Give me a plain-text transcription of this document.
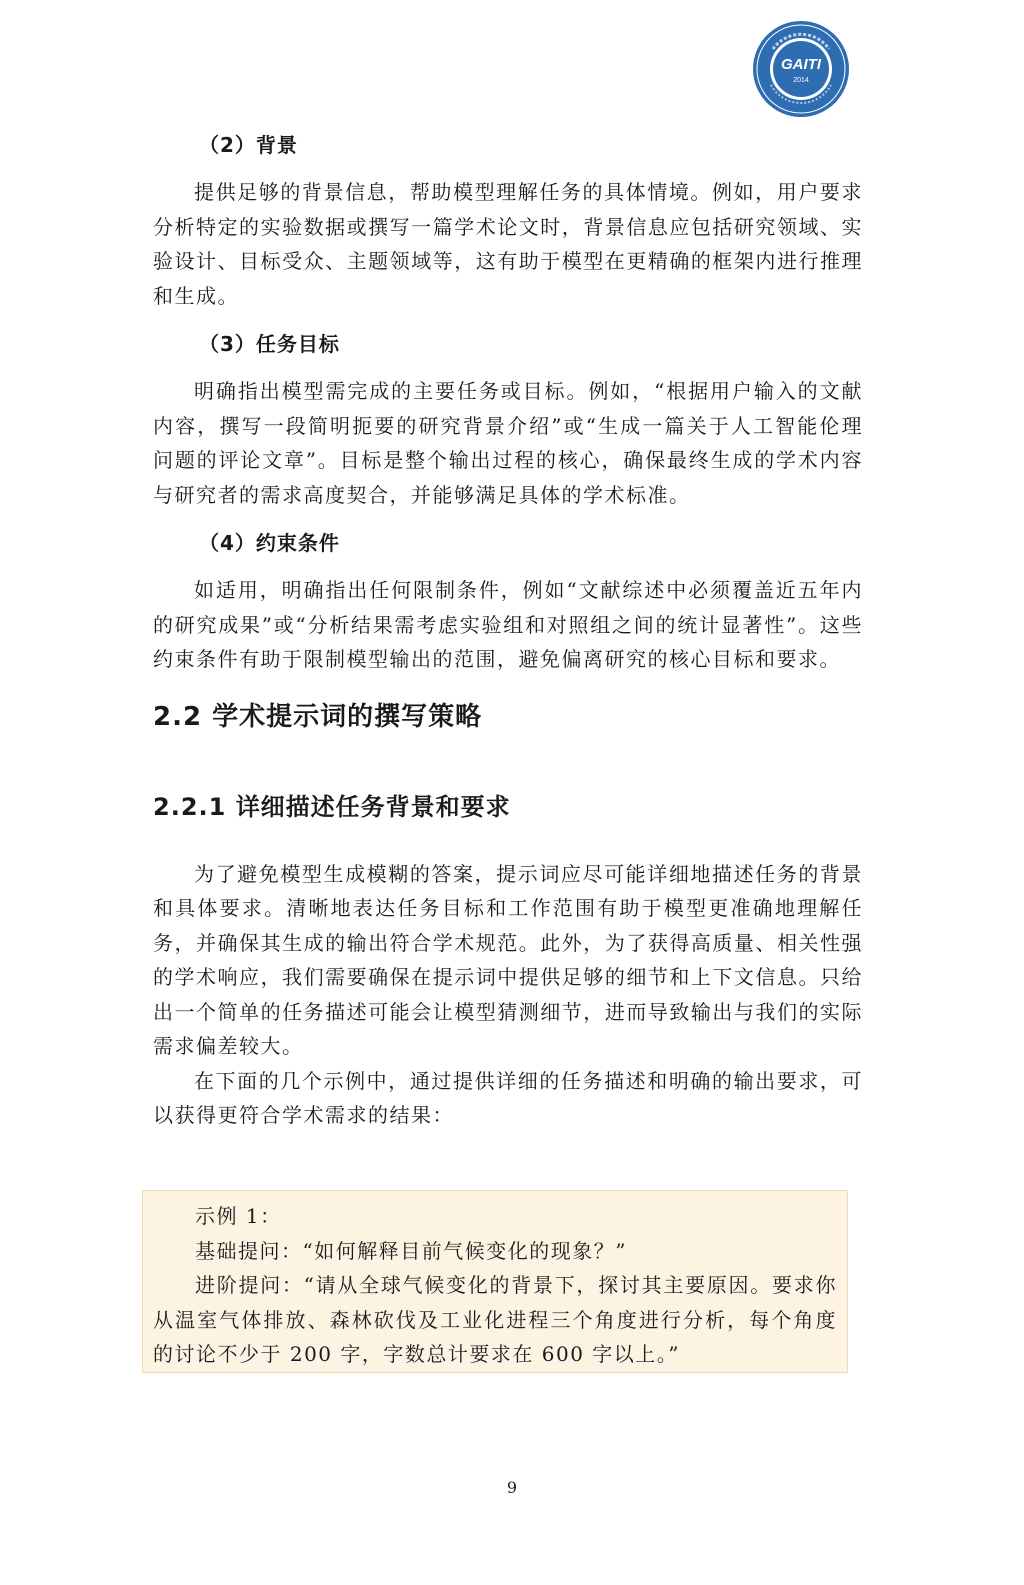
GAITI
2014
（2）背景

提供足够的背景信息，帮助模型理解任务的具体情境。例如，用户要求分析特定的实验数据或撰写一篇学术论文时，背景信息应包括研究领域、实验设计、目标受众、主题领域等，这有助于模型在更精确的框架内进行推理和生成。

（3）任务目标

明确指出模型需完成的主要任务或目标。例如，“根据用户输入的文献内容，撰写一段简明扼要的研究背景介绍”或“生成一篇关于人工智能伦理问题的评论文章”。目标是整个输出过程的核心，确保最终生成的学术内容与研究者的需求高度契合，并能够满足具体的学术标准。

（4）约束条件

如适用，明确指出任何限制条件，例如“文献综述中必须覆盖近五年内的研究成果”或“分析结果需考虑实验组和对照组之间的统计显著性”。这些约束条件有助于限制模型输出的范围，避免偏离研究的核心目标和要求。

2.2 学术提示词的撰写策略
2.2.1 详细描述任务背景和要求

为了避免模型生成模糊的答案，提示词应尽可能详细地描述任务的背景和具体要求。清晰地表达任务目标和工作范围有助于模型更准确地理解任务，并确保其生成的输出符合学术规范。此外，为了获得高质量、相关性强的学术响应，我们需要确保在提示词中提供足够的细节和上下文信息。只给出一个简单的任务描述可能会让模型猜测细节，进而导致输出与我们的实际需求偏差较大。

在下面的几个示例中，通过提供详细的任务描述和明确的输出要求，可以获得更符合学术需求的结果：

示例 1：
基础提问：“如何解释目前气候变化的现象？”
进阶提问：“请从全球气候变化的背景下，探讨其主要原因。要求你从温室气体排放、森林砍伐及工业化进程三个角度进行分析，每个角度的讨论不少于 200 字，字数总计要求在 600 字以上。”
9
